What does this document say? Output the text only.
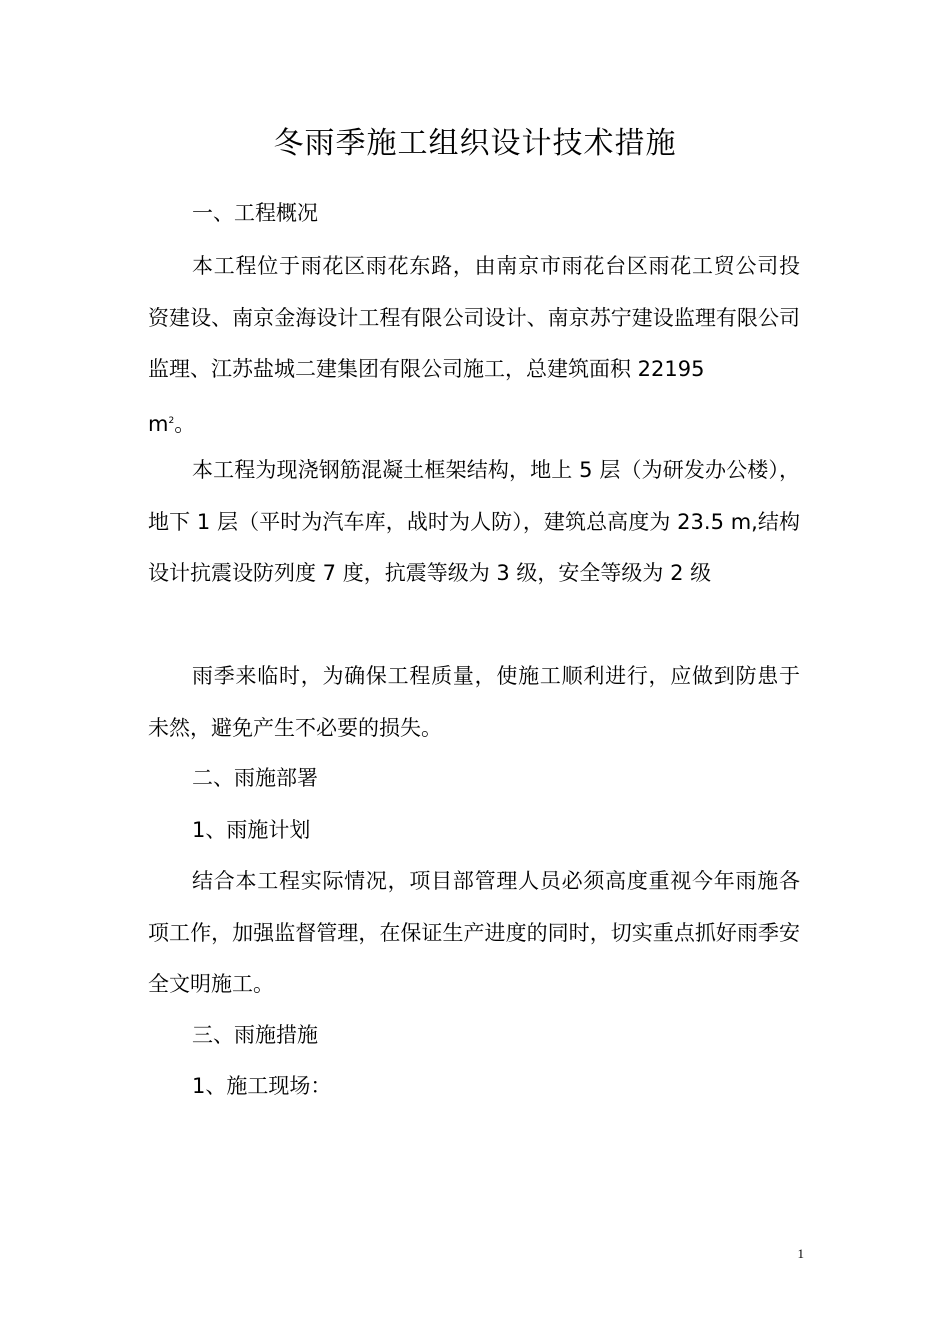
冬雨季施工组织设计技术措施

一、工程概况

本工程位于雨花区雨花东路，由南京市雨花台区雨花工贸公司投资建设、南京金海设计工程有限公司设计、南京苏宁建设监理有限公司监理、江苏盐城二建集团有限公司施工，总建筑面积 22195
$m^2$。

本工程为现浇钢筋混凝土框架结构，地上 5 层（为研发办公楼），地下 1 层（平时为汽车库，战时为人防），建筑总高度为 23.5 m,结构设计抗震设防列度 7 度，抗震等级为 3 级，安全等级为 2 级

雨季来临时，为确保工程质量，使施工顺利进行，应做到防患于未然，避免产生不必要的损失。

二、雨施部署

1、雨施计划

结合本工程实际情况，项目部管理人员必须高度重视今年雨施各项工作，加强监督管理，在保证生产进度的同时，切实重点抓好雨季安全文明施工。

三、雨施措施

1、施工现场：

1
